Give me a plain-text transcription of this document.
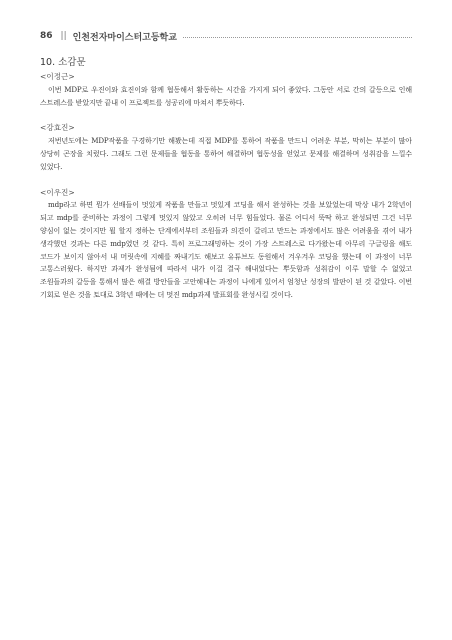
86 || 인천전자마이스터고등학교
10. 소감문

<이정근>

이번 MDP로 우진이와 효진이와 함께 협동해서 활동하는 시간을 가지게 되어 좋았다. 그동안 서로 간의 갈등으로 인해 스트레스를 받았지만 끝내 이 프로젝트를 성공리에 마쳐서 뿌듯하다.

<강효진>

저번년도에는 MDP작품을 구경하기만 해봤는데 직접 MDP를 통하여 작품을 만드니 어려운 부분, 막히는 부분이 많아 상당히 곤장을 치렀다. 그래도 그런 문제들을 협동을 통하여 해결하며 협동성을 얻었고 문제를 해결하며 성취감을 느낄수 있었다.

<이우진>

mdp라고 하면 뭔가 선배들이 멋있게 작품을 만들고 멋있게 코딩을 해서 완성하는 것을 보았었는데 막상 내가 2학년이 되고 mdp를 준비하는 과정이 그렇게 멋있지 않았고 오히려 너무 힘들었다. 물론 어디서 뚝딱 하고 완성되면 그건 너무 양심이 없는 것이지만 뭘 할지 정하는 단계에서부터 조원들과 의견이 갈리고 만드는 과정에서도 많은 어려움을 겪어 내가 생각했던 것과는 다른 mdp였던 것 같다. 특히 프로그래밍하는 것이 가장 스트레스로 다가왔는데 아무리 구글링을 해도 코드가 보이지 않아서 내 머릿속에 지혜를 짜내기도 해보고 유튜브도 동원해서 겨우겨우 코딩을 했는데 이 과정이 너무 고통스러웠다. 하지만 과제가 완성됨에 따라서 내가 이걸 결국 해내었다는 뿌듯함과 성취감이 이루 말할 수 없었고 조원들과의 갈등을 통해서 많은 해결 방안들을 고안해내는 과정이 나에게 있어서 엄청난 성장의 발판이 된 것 같았다. 이번 기회로 얻은 것을 토대로 3학년 때에는 더 멋진 mdp과제 발표회를 완성시킬 것이다.
